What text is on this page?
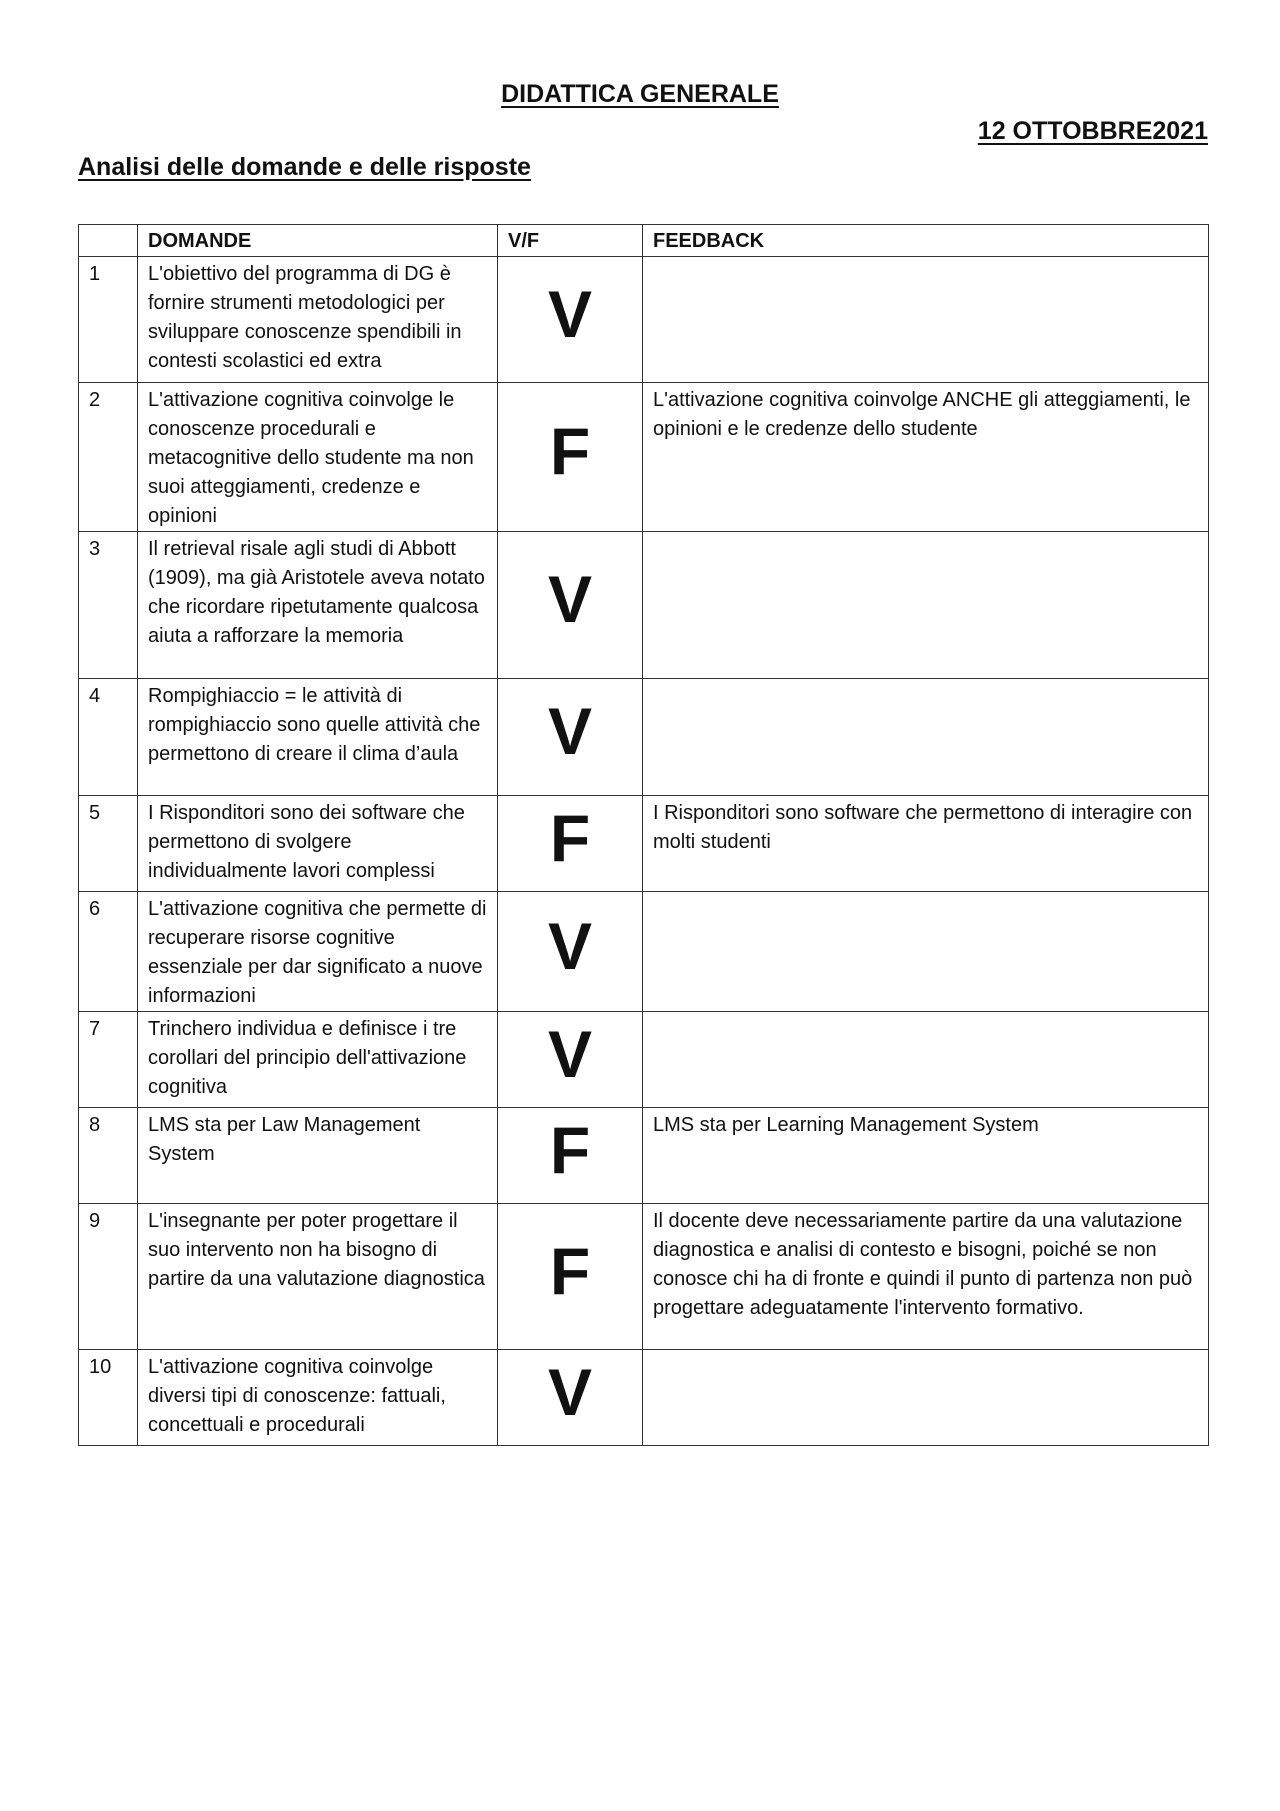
DIDATTICA GENERALE
12 OTTOBBRE2021
Analisi delle domande e delle risposte
	DOMANDE	V/F	FEEDBACK
1	L'obiettivo del programma di DG è fornire strumenti metodologici per sviluppare conoscenze spendibili in contesti scolastici ed extra	V	
2	L'attivazione cognitiva coinvolge le conoscenze procedurali e metacognitive dello studente ma non suoi atteggiamenti, credenze e opinioni	F	L'attivazione cognitiva coinvolge ANCHE gli atteggiamenti, le opinioni e le credenze dello studente
3	Il retrieval risale agli studi di Abbott (1909), ma già Aristotele aveva notato che ricordare ripetutamente qualcosa aiuta a rafforzare la memoria	V	
4	Rompighiaccio = le attività di rompighiaccio sono quelle attività che permettono di creare il clima d’aula	V	
5	I Risponditori sono dei software che permettono di svolgere individualmente lavori complessi	F	I Risponditori sono software che permettono di interagire con molti studenti
6	L'attivazione cognitiva che permette di recuperare risorse cognitive essenziale per dar significato a nuove informazioni	V	
7	Trinchero individua e definisce i tre corollari del principio dell'attivazione cognitiva	V	
8	LMS sta per Law Management System	F	LMS sta per Learning Management System
9	L'insegnante per poter progettare il suo intervento non ha bisogno di partire da una valutazione diagnostica	F	Il docente deve necessariamente partire da una valutazione diagnostica e analisi di contesto e bisogni, poiché se non conosce chi ha di fronte e quindi il punto di partenza non può progettare adeguatamente l'intervento formativo.
10	L'attivazione cognitiva coinvolge diversi tipi di conoscenze: fattuali, concettuali e procedurali	V	
